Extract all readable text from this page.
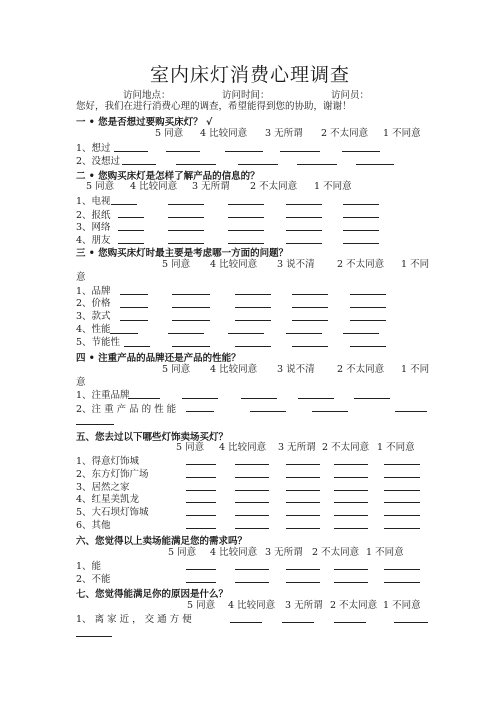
室内床灯消费心理调查
访问地点：	访问时间：	访问员：
您好，我们在进行消费心理的调查，希望能得到您的协助，谢谢！
一 • 您是否想过要购买床灯？ √
5 同意 4 比较同意 3 无所谓 2 不太同意 1 不同意
1、想过
2、没想过
二 • 您购买床灯是怎样了解产品的信息的？
5 同意 4 比较同意 3 无所谓 2 不太同意 1 不同意
1、电视
2、报纸
3、网络
4、朋友
三 • 您购买床灯时最主要是考虑哪一方面的问题？
5 同意 4 比较同意 3 说不清 2 不太同意 1 不同
意
1、品牌
2、价格
3、款式
4、性能
5、节能性
四 • 注重产品的品牌还是产品的性能？
5 同意 4 比较同意 3 说不清 2 不太同意 1 不同
意
1、注重品牌
2、注 重 产 品 的 性 能
五、您去过以下哪些灯饰卖场买灯？
5 同意 4 比较同意 3 无所谓 2 不太同意 1 不同意
1、得意灯饰城
2、东方灯饰广场
3、居然之家
4、红星美凯龙
5、大石坝灯饰城
6、其他
六、您觉得以上卖场能满足您的需求吗？
5 同意 4 比较同意 3 无所谓 2 不太同意 1 不同意
1、能
2、不能
七、您觉得能满足你的原因是什么？
5 同意 4 比较同意 3 无所谓 2 不太同意 1 不同意
1、 离 家 近 ， 交 通 方 便
